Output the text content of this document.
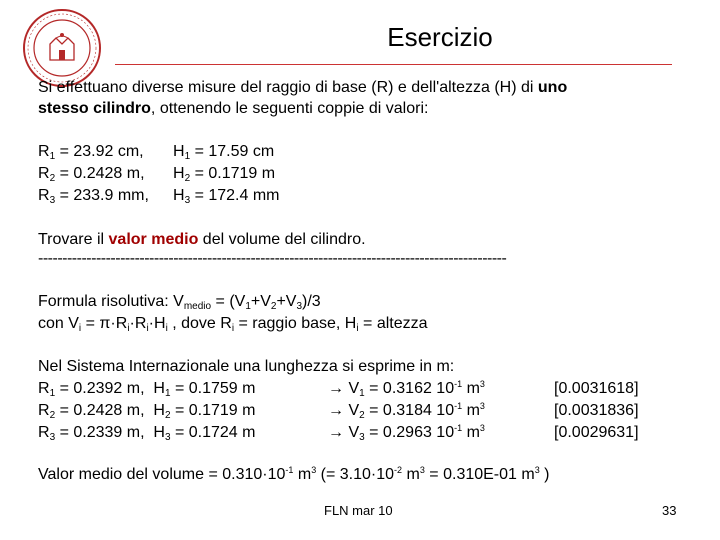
Esercizio
Si effettuano diverse misure del raggio di base (R) e dell'altezza (H) di uno
stesso cilindro, ottenendo le seguenti coppie di valori:
$R_1 = 23.92$ cm, $H_1 = 17.59$ cm
$R_2 = 0.2428$ m, $H_2 = 0.1719$ m
$R_3 = 233.9$ mm, $H_3 = 172.4$ mm
Trovare il valor medio del volume del cilindro.
-------------------------------------------------------------------------------------------------
Formula risolutiva: $V_{medio} = (V_1+V_2+V_3)/3$
con $V_i = \pi\cdot R_i\cdot R_i\cdot H_i$ , dove $R_i$ = raggio base, $H_i$ = altezza
Nel Sistema Internazionale una lunghezza si esprime in m:
$R_1 = 0.2392$ m, $H_1 = 0.1759$ m	→ $V_1 = 0.3162$ $10^{-1}$ $m^3$	[0.0031618]
$R_2 = 0.2428$ m, $H_2 = 0.1719$ m	→ $V_2 = 0.3184$ $10^{-1}$ $m^3$	[0.0031836]
$R_3 = 0.2339$ m, $H_3 = 0.1724$ m	→ $V_3 = 0.2963$ $10^{-1}$ $m^3$	[0.0029631]
Valor medio del volume = $0.310\cdot 10^{-1}$ $m^3$ (= $3.10\cdot 10^{-2}$ $m^3 = 0.310E-01$ $m^3$ )
FLN mar 10	33
